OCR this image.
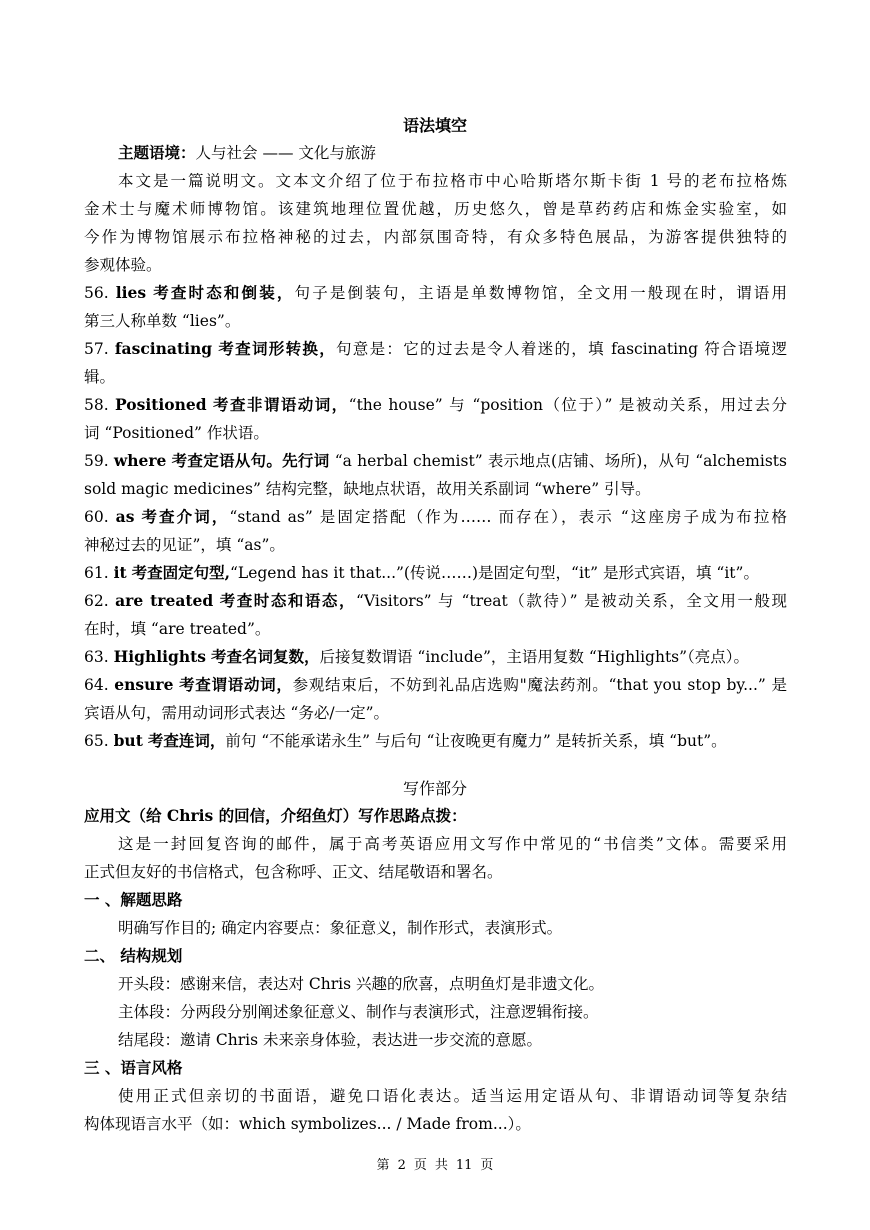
语法填空
主题语境：人与社会 —— 文化与旅游
本文是一篇说明文。文本文介绍了位于布拉格市中心哈斯塔尔斯卡街 1 号的老布拉格炼
金术士与魔术师博物馆。该建筑地理位置优越，历史悠久，曾是草药药店和炼金实验室，如
今作为博物馆展示布拉格神秘的过去，内部氛围奇特，有众多特色展品，为游客提供独特的
参观体验。
56. lies 考查时态和倒装，句子是倒装句，主语是单数博物馆，全文用一般现在时，谓语用
第三人称单数 “lies”。
57. fascinating 考查词形转换，句意是：它的过去是令人着迷的，填 fascinating 符合语境逻
辑。
58. Positioned 考查非谓语动词，“the house” 与 “position（位于）” 是被动关系，用过去分
词 “Positioned” 作状语。
59. where 考查定语从句。先行词 “a herbal chemist” 表示地点(店铺、场所)，从句 “alchemists
sold magic medicines” 结构完整，缺地点状语，故用关系副词 “where” 引导。
60. as 考查介词，“stand as” 是固定搭配（作为…… 而存在），表示 “这座房子成为布拉格
神秘过去的见证”，填 “as”。
61. it 考查固定句型,“Legend has it that...”(传说……)是固定句型，“it” 是形式宾语，填 “it”。
62. are treated 考查时态和语态，“Visitors” 与 “treat（款待）” 是被动关系，全文用一般现
在时，填 “are treated”。
63. Highlights 考查名词复数，后接复数谓语 “include”，主语用复数 “Highlights”（亮点）。
64. ensure 考查谓语动词，参观结束后，不妨到礼品店选购"魔法药剂。“that you stop by...” 是
宾语从句，需用动词形式表达 “务必/一定”。
65. but 考查连词，前句 “不能承诺永生” 与后句 “让夜晚更有魔力” 是转折关系，填 “but”。
写作部分
应用文（给 Chris 的回信，介绍鱼灯）写作思路点拨：
这是一封回复咨询的邮件，属于高考英语应用文写作中常见的“书信类”文体。需要采用
正式但友好的书信格式，包含称呼、正文、结尾敬语和署名。
一 、解题思路
明确写作目的; 确定内容要点：象征意义，制作形式，表演形式。
二、 结构规划
开头段：感谢来信，表达对 Chris 兴趣的欣喜，点明鱼灯是非遗文化。
主体段：分两段分别阐述象征意义、制作与表演形式，注意逻辑衔接。
结尾段：邀请 Chris 未来亲身体验，表达进一步交流的意愿。
三 、语言风格
使用正式但亲切的书面语，避免口语化表达。适当运用定语从句、非谓语动词等复杂结
构体现语言水平（如：which symbolizes... / Made from...）。
第 2 页 共 11 页
